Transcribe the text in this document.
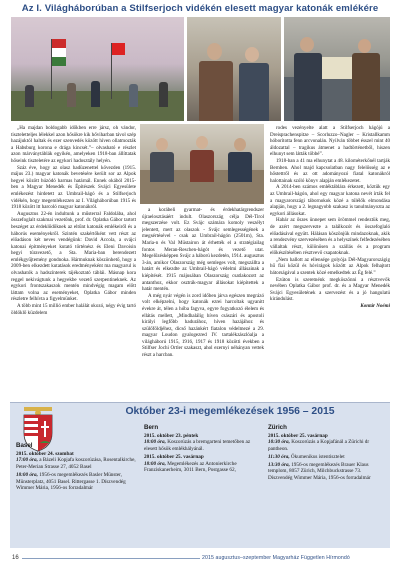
Az I. Világháborúban a Stilfserjoch vidékén elesett magyar katonák emlékére

„Ha majdan boldogabb időkben erre jársz, oh vándor, tiszteletteljes lélekkel azon hősökre kik hőviharban távol szép hazájuktól haltak és ezer szenvedés között híven ollatmozták a Habsburg korona e drága kincsét.”– olvasható e részlet azon márványtáblák egyikén, amelyeken 1918-ban állíttatak hőseink tiszteletére az egykori hadosztály helyén.

Száz éve, hogy az olasz hadüzenettel kövezden (1915. május 23.) magyar katonák bevetésére került sor az Alpok hegyei között húzódó harmas határnál. Ennek okából 2015-ben a Magyar Menedék és Építészek Svájci Egyesülete emlékezést hirdetett az Umbrail-hágó és a Stilfserjoch vidékén, hogy megemlékezzen az I. Világháborúban 1915 és 1918 között itt harcoló magyar katonákról.

Augusztus 22-én indultunk a műsterral Faldolába, ahol összefoglalt szakmai vezetőnk, prof. dr. Oplatka Gábor tartott beszéget az érdeklődőknek az eltűnt katonák emlékeiről és a háborús eseményekről. Szintén szakértőként vett részt az előadáson két neves vendégünk: David Accola, a svájci katonai építményeket kutató történész és Eleni Davoisin hegyi túravezető, a Sta. Maria-ban berendezett emlékgyűjtemény gondnoka. Hármuknak köszönhető, hogy a 2009-ben elkezdett kutatások eredményeként ma magyarul is olvashatók a hadszínterek tájékoztató táblái. Másnap kora reggel nekivágtunk a hegyekbe vezető szerpentineknek. Az egykori frontszakaszok mentén mindvégig magam előtt láttam volna az eseményeket, Oplatka Gábor minden részletre felhívta a figyelmünket.

A több mint 15 millió ember halálát okozó, négy évig tartó öldöklő küzdelem

a korábeli gyarmat- és érdekhatárgrendszer újraelosztásáért indult. Olaszország célja Dél-Tirol megszerzése volt. Ez Svájc számára komoly veszélyt jelentett, mert az olaszok - Svájc semlegességének a megsértésével - csak az Umbrail-hágón (2501m), Sta. Maria-n és Val Müstairon át érhették el a stratégiailag fontos Meran-Reschen-hágót és vezető utat. Megelőzésképpen Svájc a háború kezdetén, 1914. augusztus 3-án, amikor Olaszország még semleges volt, megszállta a határt és elkezdte az Umbrail-hágó védelmi állásainak a kiépítését. 1915 májusában Olaszország csatlakozott az antanthoz, ekkor osztrák-magyar állásokat kiépítettek a határ mentén.

A még nyár végén is zord időben járva egészen megrázó volt elképzelni, hogy katonák ezrei harcoltak ugyanitt évekre át, télen a hóba fagyva, egyre fogyatkozó élelem és ellátás mellett, „Mindhalálig híven császári és apostoli királyi legfőbb hadurához, híven hazájához és szülőföldjéhez, dicső hazánkért fiatalon védelmezé a 29. magyar Loudon gyalogezred IV. tartalékzászlóalja a világháború 1915, 1916, 1917 és 1918 közötti években a Stilfser Jochi Ortler szakaszt, ahol ezernyi néhányan vettek részt a harcban.

rodes vezényelte alatt a Stilfserjoch hágójú a Dreisprachenspitze – Scorluzzo–Nagler – Kristallkamm hóborította fenn arcvonalán. Nyilván többet ésszel mint 40 áldozattal – tragikus átmenet a hadtörténetből, hiszen elhunyt sem látták többé”.

1918-ban a 41 ma elhunytat a 48. kilométerkőnél tartják Bernben. Ahol majd kapcsolatban nagy felelősség az e hőstettről és az ott adományozó fiatal katonákról halottainak szóló könyv alapján emlékezetet.

A 2014-ben számos emléktáblára érkezett, köztük egy az Umbrail-hágón, ahol egy magyar katona nevét írták fel a magyarországi tábornokok közé a túlélők elmondása alapján, hogy a 2. legnagyobb szakasz is tanulmányozta az egykori állásokat.

Habár az őszes ünnepet sem örömmel rendeztük meg, de azért megszervezte a találkozót és összefoglaló előadásával együtt. Hálásan köszönjük mindazoknak, akik a rendezvény szervezésében és a helyszínek felfedezésében vállaltak részt, különösen a szállás és a program előkészítésében résztvevő csapatoknak.

„Nem hallott az ellensége golyója Dél-Magyarországig hű fiai közül és hóvirágok között az Alpok felhajtott bátorságával a szentek közé emelkedtek az Ég felé.”

Ezúton is szeretnénk megköszönni a résztvevők nevében Oplatka Gábor prof. dr. és a Magyar Menedék Svájci Egyesületének a szervezést és a jó hangulatú kirándulást.

Kontár Noémi

Október 23-i megemlékezések 1956 – 2015
Basel
2015. október 24. szombat
17:00 óra, a Bázeli Kopjafa koszorúzása, Rosentalkirche, Peter-Merian Strasse 27, 4052 Basel
18:00 óra, 1956-os megemlékezés Basler Münster, Münsterplatz, 4051 Basel. Rittergasse 1. Díszvendég Wimmer Mária, 1956-os forradalmár
Bern
2015. október 23. péntek
18:00 óra, Koszorúzás a bremgarteni temetőben az elesett hősök emlékhályánál.
2015. október 25. vasárnap
18:00 óra, Megemlékezés az Antonierkirche Franziskanerheim, 3011 Bern, Postgasse 62,
Zürich
2015. október 25. vasárnap
10:30 óra, Koszorúzás a Kopjafánál a Zürichi dr pantheon.
11:30 óra, Ökumenikus istentisztelet
13:30 óra, 1956-os megemlékezés Brauer Klaus templom, 8057 Zürich, Milchbuckstrasse 73. Díszvendég Wimmer Mária, 1956-os forradalmár
16	2015 augusztus–szeptember Magyarház Független Hírmondó
